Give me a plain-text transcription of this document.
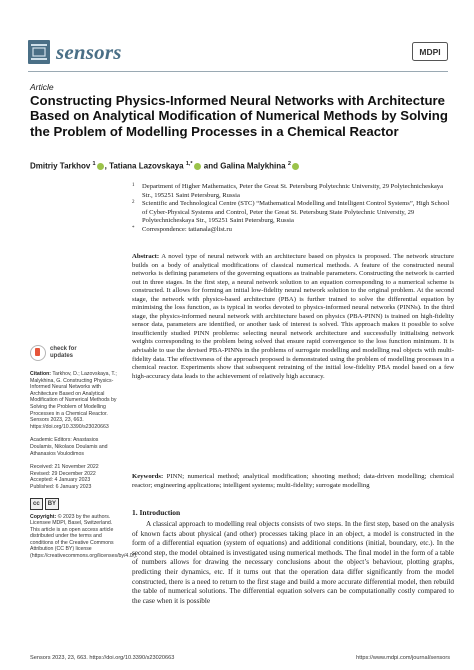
sensors	MDPI
Article
Constructing Physics-Informed Neural Networks with Architecture Based on Analytical Modification of Numerical Methods by Solving the Problem of Modelling Processes in a Chemical Reactor
Dmitriy Tarkhov $^1$ , Tatiana Lazovskaya $^{1,*}$ and Galina Malykhina $^2$
1 Department of Higher Mathematics, Peter the Great St. Petersburg Polytechnic University, 29 Polytechnicheskaya Str., 195251 Saint Petersburg, Russia
2 Scientific and Technological Centre (STC) “Mathematical Modelling and Intelligent Control Systems”, High School of Cyber-Physical Systems and Control, Peter the Great St. Petersburg State Polytechnic University, 29 Polytechnicheskaya Str., 195251 Saint Petersburg, Russia
* Correspondence: tatianala@list.ru
Abstract: A novel type of neural network with an architecture based on physics is proposed. The network structure builds on a body of analytical modifications of classical numerical methods. A feature of the constructed neural networks is defining parameters of the governing equations as trainable parameters. Constructing the network is carried out in three stages. In the first step, a neural network solution to an equation corresponding to a numerical scheme is constructed. It allows for forming an initial low-fidelity neural network solution to the original problem. At the second stage, the network with physics-based architecture (PBA) is further trained to solve the differential equation by minimising the loss function, as is typical in works devoted to physics-informed neural networks (PINNs). In the third stage, the physics-informed neural network with architecture based on physics (PBA-PINN) is trained on high-fidelity sensor data, parameters are identified, or another task of interest is solved. This approach makes it possible to solve insufficiently studied PINN problems: selecting neural network architecture and successfully initialising network weights corresponding to the problem being solved that ensure rapid convergence to the loss function minimum. It is advisable to use the devised PBA-PINNs in the problems of surrogate modelling and modelling real objects with multi-fidelity data. The effectiveness of the approach proposed is demonstrated using the problem of modelling processes in a chemical reactor. Experiments show that subsequent retraining of the initial low-fidelity PBA model based on a few high-accuracy data leads to the achievement of relatively high accuracy.
Keywords: PINN; numerical method; analytical modification; shooting method; data-driven modelling; chemical reactor; engineering applications; intelligent systems; multi-fidelity; surrogate modelling
check for
updates
Citation: Tarkhov, D.; Lazovskaya, T.; Malykhina, G. Constructing Physics-Informed Neural Networks with Architecture Based on Analytical Modification of Numerical Methods by Solving the Problem of Modelling Processes in a Chemical Reactor. Sensors 2023, 23, 663. https://doi.org/10.3390/s23020663
Academic Editors: Anastasios Doulamis, Nikolaos Doulamis and Athanasios Voulodimos
Received: 21 November 2022
Revised: 29 December 2022
Accepted: 4 January 2023
Published: 6 January 2023
cc	BY
Copyright: © 2023 by the authors. Licensee MDPI, Basel, Switzerland. This article is an open access article distributed under the terms and conditions of the Creative Commons Attribution (CC BY) license (https://creativecommons.org/licenses/by/4.0/).
1. Introduction

A classical approach to modelling real objects consists of two steps. In the first step, based on the analysis of known facts about physical (and other) processes taking place in an object, a model is constructed in the form of a differential equation (system of equations) and additional conditions (initial, boundary, etc.). In the second step, the model obtained is investigated using numerical methods. The final model in the form of a table of numbers allows for drawing the necessary conclusions about the object’s behaviour, plotting graphs, predicting their dynamics, etc. If it turns out that the operation data differ significantly from the model constructed, there is a need to return to the first stage and build a more accurate differential model, then rebuild the table of numerical solutions. The differential equation solvers can be computationally costly compared to the case when it is possible

Sensors 2023, 23, 663. https://doi.org/10.3390/s23020663	https://www.mdpi.com/journal/sensors
